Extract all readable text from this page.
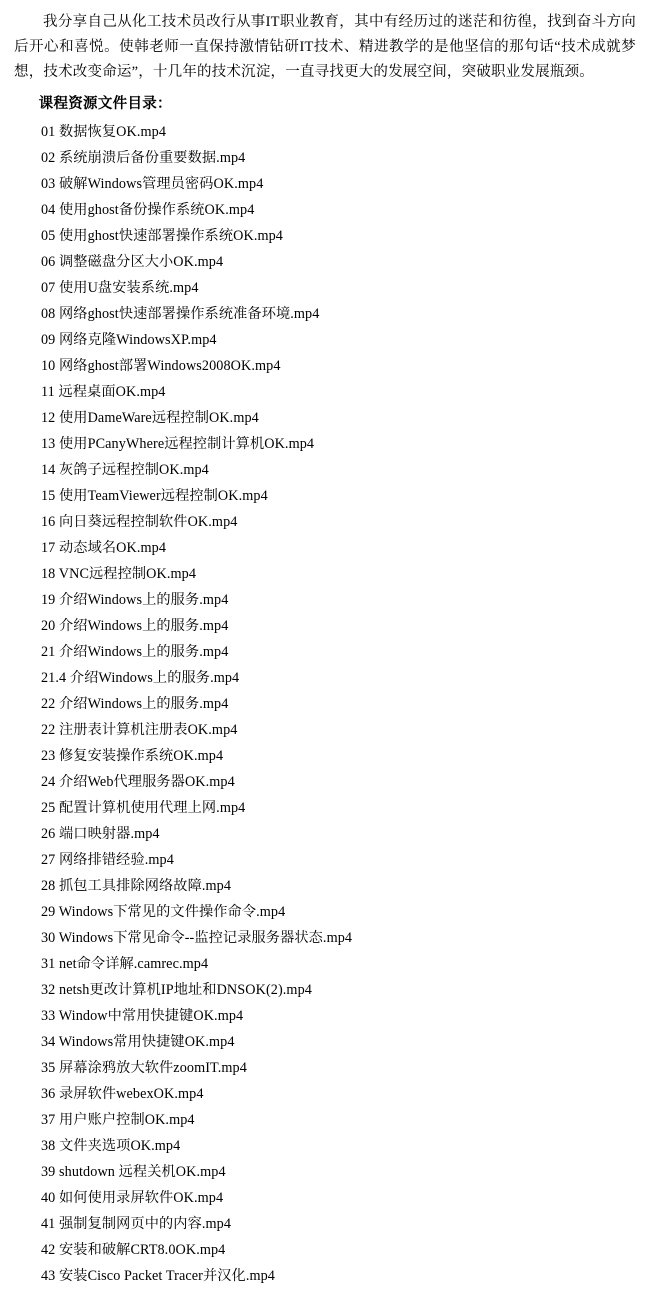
我分享自己从化工技术员改行从事IT职业教育，其中有经历过的迷茫和彷徨，找到奋斗方向后开心和喜悦。使韩老师一直保持激情钻研IT技术、精进教学的是他坚信的那句话“技术成就梦想，技术改变命运”，十几年的技术沉淀，一直寻找更大的发展空间，突破职业发展瓶颈。

课程资源文件目录：
01 数据恢复OK.mp4
02 系统崩溃后备份重要数据.mp4
03 破解Windows管理员密码OK.mp4
04 使用ghost备份操作系统OK.mp4
05 使用ghost快速部署操作系统OK.mp4
06 调整磁盘分区大小OK.mp4
07 使用U盘安装系统.mp4
08 网络ghost快速部署操作系统准备环境.mp4
09 网络克隆WindowsXP.mp4
10 网络ghost部署Windows2008OK.mp4
11 远程桌面OK.mp4
12 使用DameWare远程控制OK.mp4
13 使用PCanyWhere远程控制计算机OK.mp4
14 灰鸽子远程控制OK.mp4
15 使用TeamViewer远程控制OK.mp4
16 向日葵远程控制软件OK.mp4
17 动态域名OK.mp4
18 VNC远程控制OK.mp4
19 介绍Windows上的服务.mp4
20 介绍Windows上的服务.mp4
21 介绍Windows上的服务.mp4
21.4 介绍Windows上的服务.mp4
22 介绍Windows上的服务.mp4
22 注册表计算机注册表OK.mp4
23 修复安装操作系统OK.mp4
24 介绍Web代理服务器OK.mp4
25 配置计算机使用代理上网.mp4
26 端口映射器.mp4
27 网络排错经验.mp4
28 抓包工具排除网络故障.mp4
29 Windows下常见的文件操作命令.mp4
30 Windows下常见命令--监控记录服务器状态.mp4
31 net命令详解.camrec.mp4
32 netsh更改计算机IP地址和DNSOK(2).mp4
33 Window中常用快捷键OK.mp4
34 Windows常用快捷键OK.mp4
35 屏幕涂鸦放大软件zoomIT.mp4
36 录屏软件webexOK.mp4
37 用户账户控制OK.mp4
38 文件夹选项OK.mp4
39 shutdown 远程关机OK.mp4
40 如何使用录屏软件OK.mp4
41 强制复制网页中的内容.mp4
42 安装和破解CRT8.0OK.mp4
43 安装Cisco Packet Tracer并汉化.mp4
